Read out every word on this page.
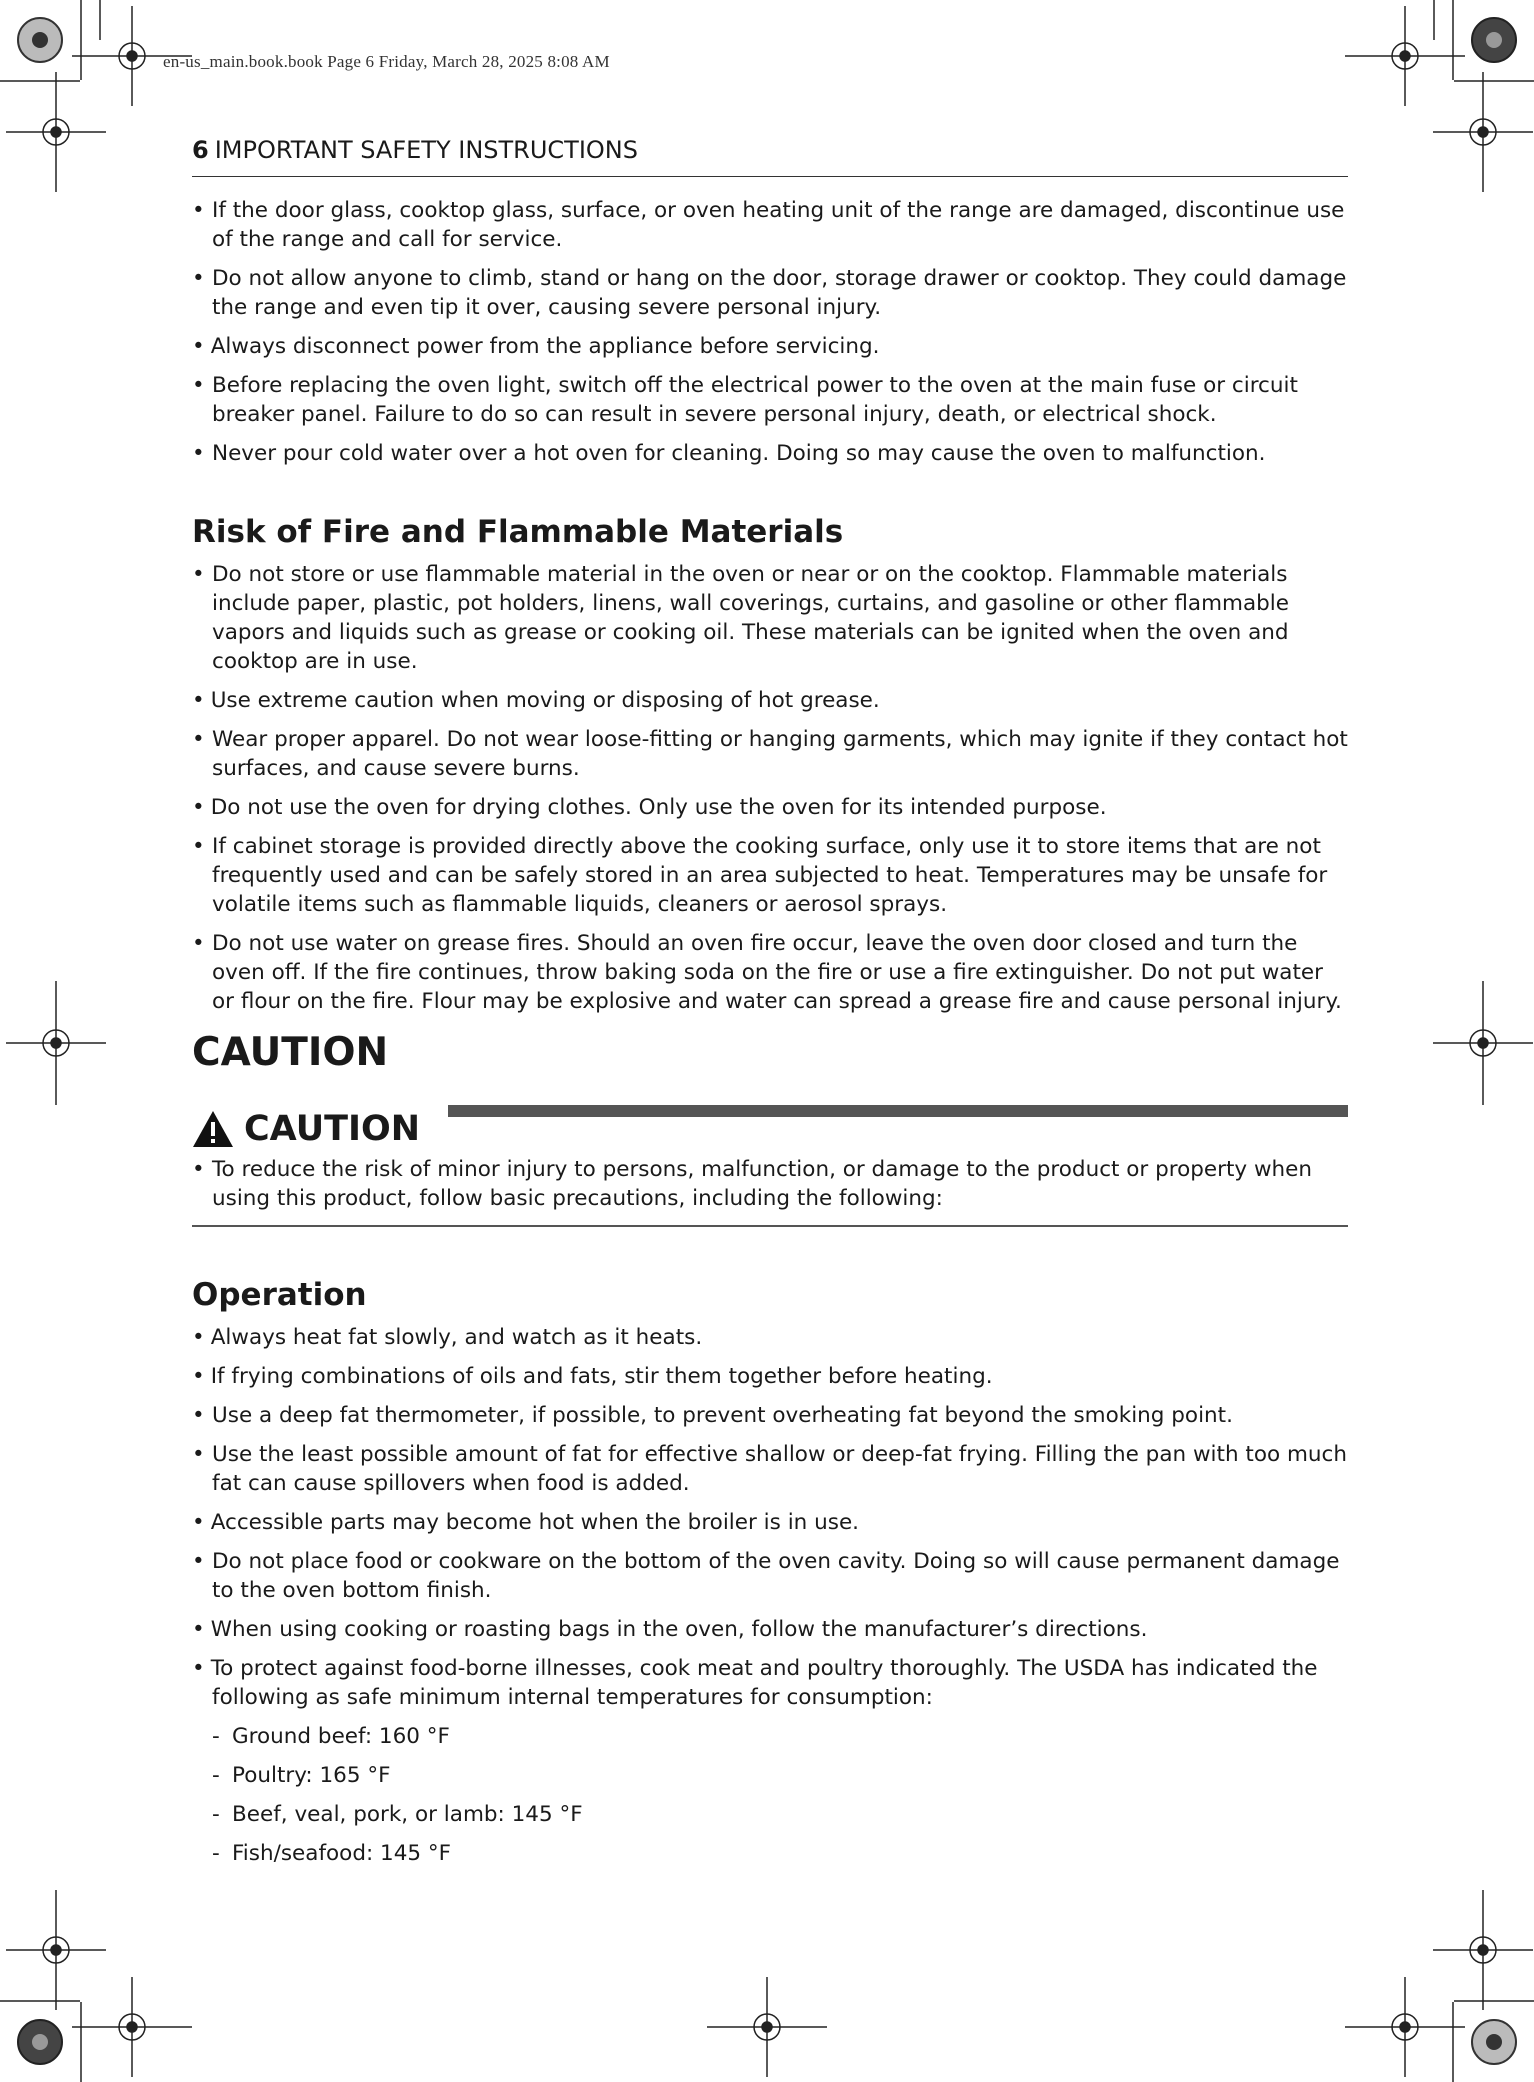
en-us_main.book.book Page 6 Friday, March 28, 2025 8:08 AM
6 IMPORTANT SAFETY INSTRUCTIONS
• If the door glass, cooktop glass, surface, or oven heating unit of the range are damaged, discontinue use of the range and call for service.
• Do not allow anyone to climb, stand or hang on the door, storage drawer or cooktop. They could damage the range and even tip it over, causing severe personal injury.
• Always disconnect power from the appliance before servicing.
• Before replacing the oven light, switch off the electrical power to the oven at the main fuse or circuit breaker panel. Failure to do so can result in severe personal injury, death, or electrical shock.
• Never pour cold water over a hot oven for cleaning. Doing so may cause the oven to malfunction.
Risk of Fire and Flammable Materials
• Do not store or use flammable material in the oven or near or on the cooktop. Flammable materials include paper, plastic, pot holders, linens, wall coverings, curtains, and gasoline or other flammable vapors and liquids such as grease or cooking oil. These materials can be ignited when the oven and cooktop are in use.
• Use extreme caution when moving or disposing of hot grease.
• Wear proper apparel. Do not wear loose-fitting or hanging garments, which may ignite if they contact hot surfaces, and cause severe burns.
• Do not use the oven for drying clothes. Only use the oven for its intended purpose.
• If cabinet storage is provided directly above the cooking surface, only use it to store items that are not frequently used and can be safely stored in an area subjected to heat. Temperatures may be unsafe for volatile items such as flammable liquids, cleaners or aerosol sprays.
• Do not use water on grease fires. Should an oven fire occur, leave the oven door closed and turn the oven off. If the fire continues, throw baking soda on the fire or use a fire extinguisher. Do not put water or flour on the fire. Flour may be explosive and water can spread a grease fire and cause personal injury.
CAUTION
CAUTION
• To reduce the risk of minor injury to persons, malfunction, or damage to the product or property when using this product, follow basic precautions, including the following:
Operation
• Always heat fat slowly, and watch as it heats.
• If frying combinations of oils and fats, stir them together before heating.
• Use a deep fat thermometer, if possible, to prevent overheating fat beyond the smoking point.
• Use the least possible amount of fat for effective shallow or deep-fat frying. Filling the pan with too much fat can cause spillovers when food is added.
• Accessible parts may become hot when the broiler is in use.
• Do not place food or cookware on the bottom of the oven cavity. Doing so will cause permanent damage to the oven bottom finish.
• When using cooking or roasting bags in the oven, follow the manufacturer’s directions.
• To protect against food-borne illnesses, cook meat and poultry thoroughly. The USDA has indicated the following as safe minimum internal temperatures for consumption:
- Ground beef: 160 °F
- Poultry: 165 °F
- Beef, veal, pork, or lamb: 145 °F
- Fish/seafood: 145 °F
